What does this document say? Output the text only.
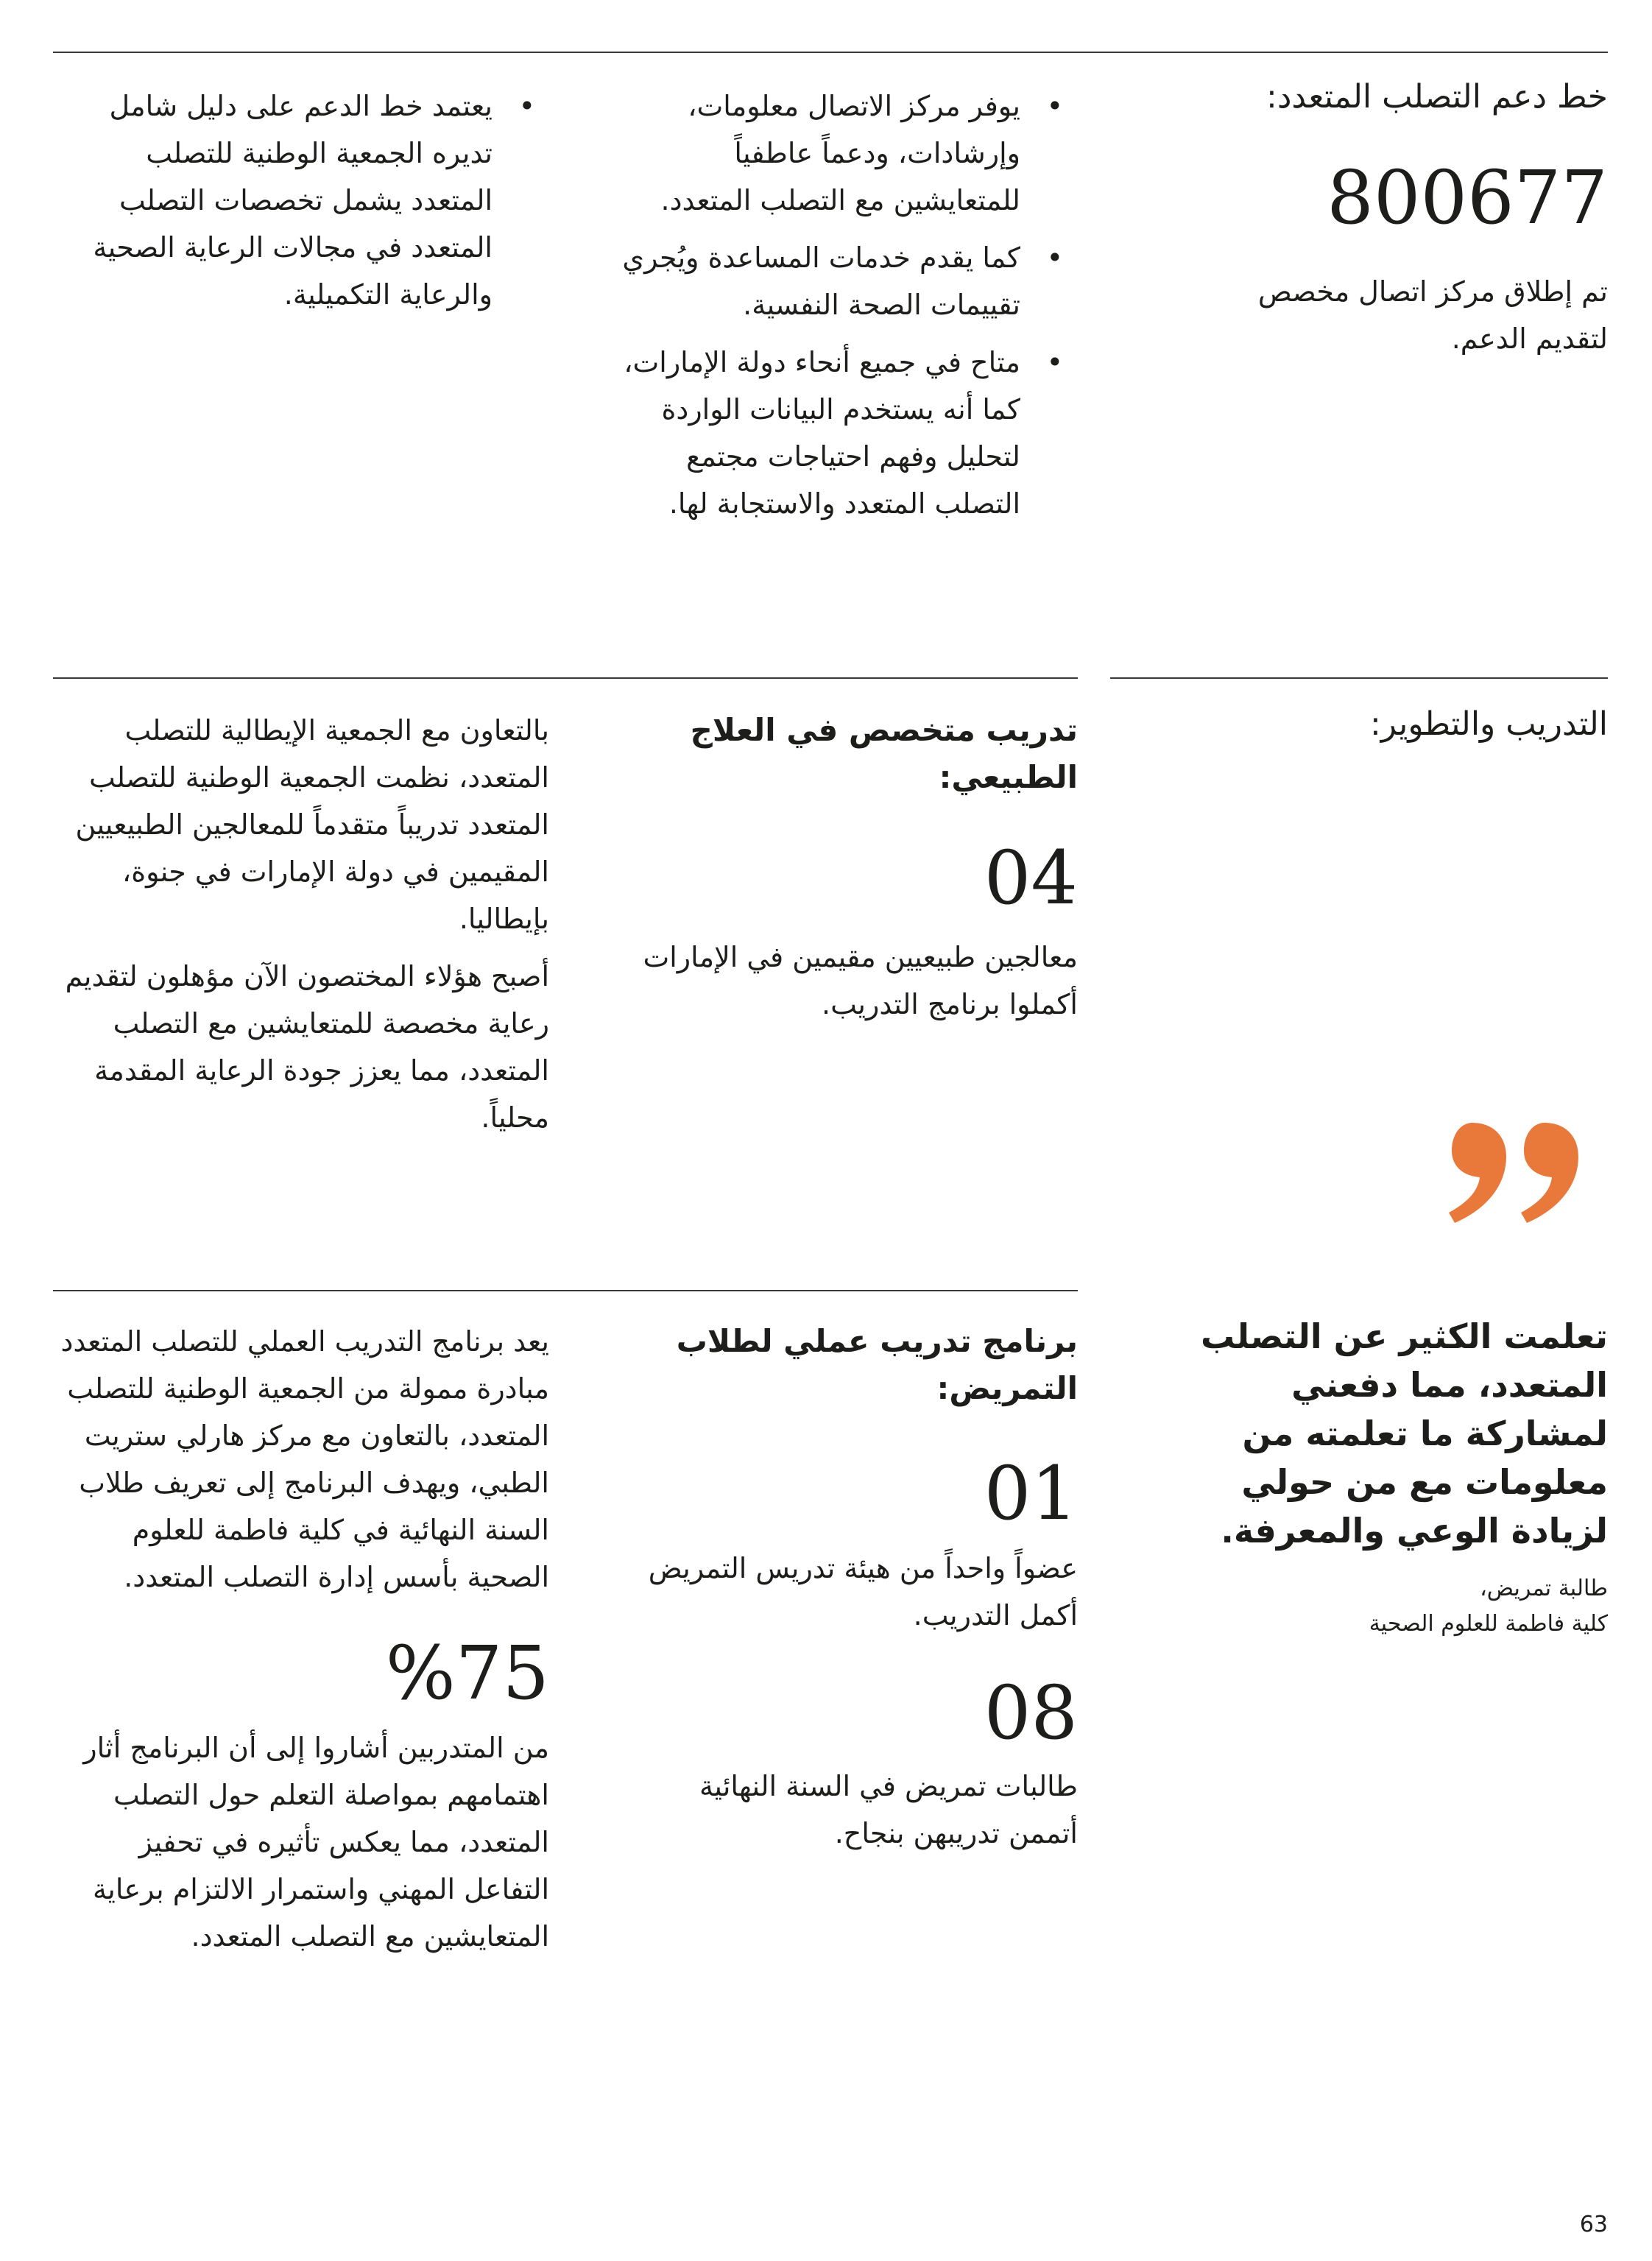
خط دعم التصلب المتعدد:

800677

تم إطلاق مركز اتصال مخصص لتقديم الدعم.

• يوفر مركز الاتصال معلومات، وإرشادات، ودعماً عاطفياً للمتعايشين مع التصلب المتعدد.
• كما يقدم خدمات المساعدة ويُجري تقييمات الصحة النفسية.
• متاح في جميع أنحاء دولة الإمارات، كما أنه يستخدم البيانات الواردة لتحليل وفهم احتياجات مجتمع التصلب المتعدد والاستجابة لها.
• يعتمد خط الدعم على دليل شامل تديره الجمعية الوطنية للتصلب المتعدد يشمل تخصصات التصلب المتعدد في مجالات الرعاية الصحية والرعاية التكميلية.
التدريب والتطوير:
تدريب متخصص في العلاج الطبيعي:

04

معالجين طبيعيين مقيمين في الإمارات أكملوا برنامج التدريب.

بالتعاون مع الجمعية الإيطالية للتصلب المتعدد، نظمت الجمعية الوطنية للتصلب المتعدد تدريباً متقدماً للمعالجين الطبيعيين المقيمين في دولة الإمارات في جنوة، بإيطاليا.

أصبح هؤلاء المختصون الآن مؤهلون لتقديم رعاية مخصصة للمتعايشين مع التصلب المتعدد، مما يعزز جودة الرعاية المقدمة محلياً.

تعلمت الكثير عن التصلب المتعدد، مما دفعني لمشاركة ما تعلمته من معلومات مع من حولي لزيادة الوعي والمعرفة.

طالبة تمريض،

كلية فاطمة للعلوم الصحية

برنامج تدريب عملي لطلاب التمريض:

01

عضواً واحداً من هيئة تدريس التمريض أكمل التدريب.

08

طالبات تمريض في السنة النهائية أتممن تدريبهن بنجاح.

يعد برنامج التدريب العملي للتصلب المتعدد مبادرة ممولة من الجمعية الوطنية للتصلب المتعدد، بالتعاون مع مركز هارلي ستريت الطبي، ويهدف البرنامج إلى تعريف طلاب السنة النهائية في كلية فاطمة للعلوم الصحية بأسس إدارة التصلب المتعدد.

%75

من المتدربين أشاروا إلى أن البرنامج أثار اهتمامهم بمواصلة التعلم حول التصلب المتعدد، مما يعكس تأثيره في تحفيز التفاعل المهني واستمرار الالتزام برعاية المتعايشين مع التصلب المتعدد.

63
